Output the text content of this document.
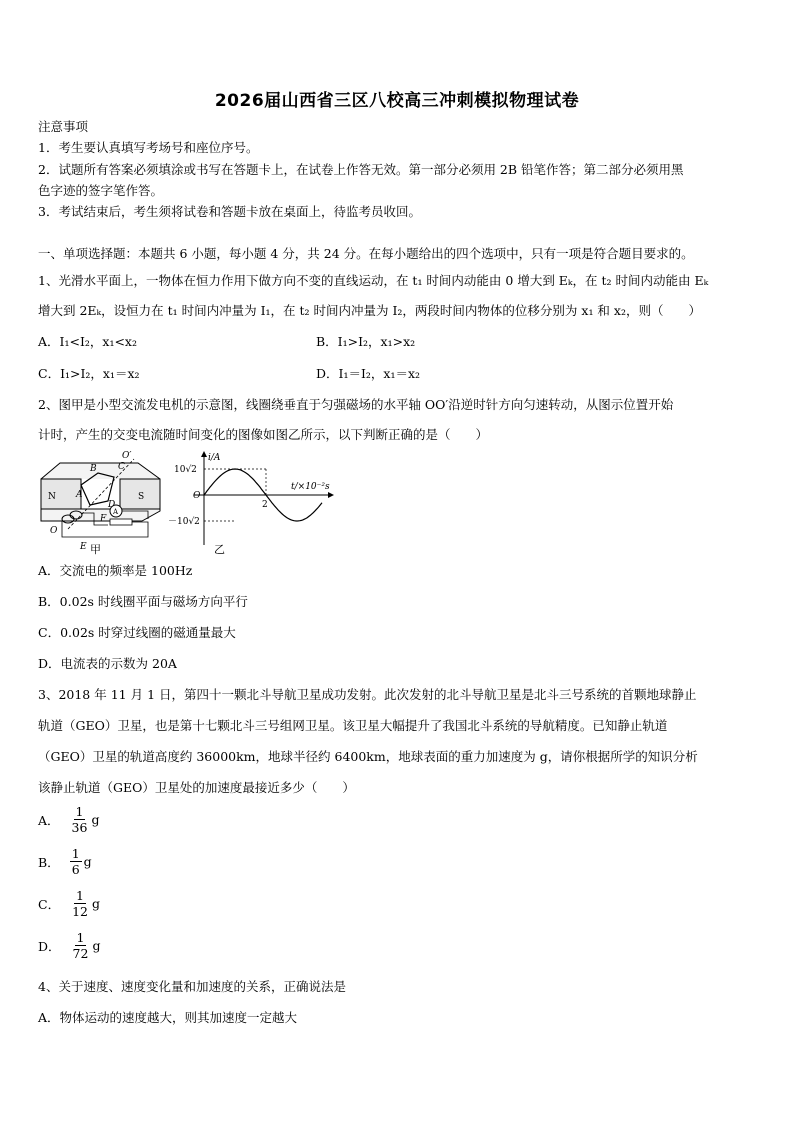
2026届山西省三区八校高三冲刺模拟物理试卷
注意事项
1．考生要认真填写考场号和座位序号。
2．试题所有答案必须填涂或书写在答题卡上，在试卷上作答无效。第一部分必须用 2B 铅笔作答；第二部分必须用黑
色字迹的签字笔作答。
3．考试结束后，考生须将试卷和答题卡放在桌面上，待监考员收回。
一、单项选择题：本题共 6 小题，每小题 4 分，共 24 分。在每小题给出的四个选项中，只有一项是符合题目要求的。
1、光滑水平面上，一物体在恒力作用下做方向不变的直线运动，在 t₁ 时间内动能由 0 增大到 Eₖ，在 t₂ 时间内动能由 Eₖ
增大到 2Eₖ，设恒力在 t₁ 时间内冲量为 I₁，在 t₂ 时间内冲量为 I₂，两段时间内物体的位移分别为 x₁ 和 x₂，则（　　）
A．I₁<I₂，x₁<x₂	B．I₁>I₂，x₁>x₂
C．I₁>I₂，x₁＝x₂	D．I₁＝I₂，x₁＝x₂
2、图甲是小型交流发电机的示意图，线圈绕垂直于匀强磁场的水平轴 OO′沿逆时针方向匀速转动，从图示位置开始
计时，产生的交变电流随时间变化的图像如图乙所示，以下判断正确的是（　　）
N	S
A
B C
D
E
F
O
O′
A
i/A
t/×10⁻²s
10√2
－10√2
O
2
甲	乙
A．交流电的频率是 100Hz
B．0.02s 时线圈平面与磁场方向平行
C．0.02s 时穿过线圈的磁通量最大
D．电流表的示数为 20A
3、2018 年 11 月 1 日，第四十一颗北斗导航卫星成功发射。此次发射的北斗导航卫星是北斗三号系统的首颗地球静止
轨道（GEO）卫星，也是第十七颗北斗三号组网卫星。该卫星大幅提升了我国北斗系统的导航精度。已知静止轨道
（GEO）卫星的轨道高度约 36000km，地球半径约 6400km，地球表面的重力加速度为 g，请你根据所学的知识分析
该静止轨道（GEO）卫星处的加速度最接近多少（　　）
A． $\frac{1}{36}$ g
B． $\frac{1}{6}$ g
C． $\frac{1}{12}$ g
D． $\frac{1}{72}$ g
4、关于速度、速度变化量和加速度的关系，正确说法是
A．物体运动的速度越大，则其加速度一定越大
